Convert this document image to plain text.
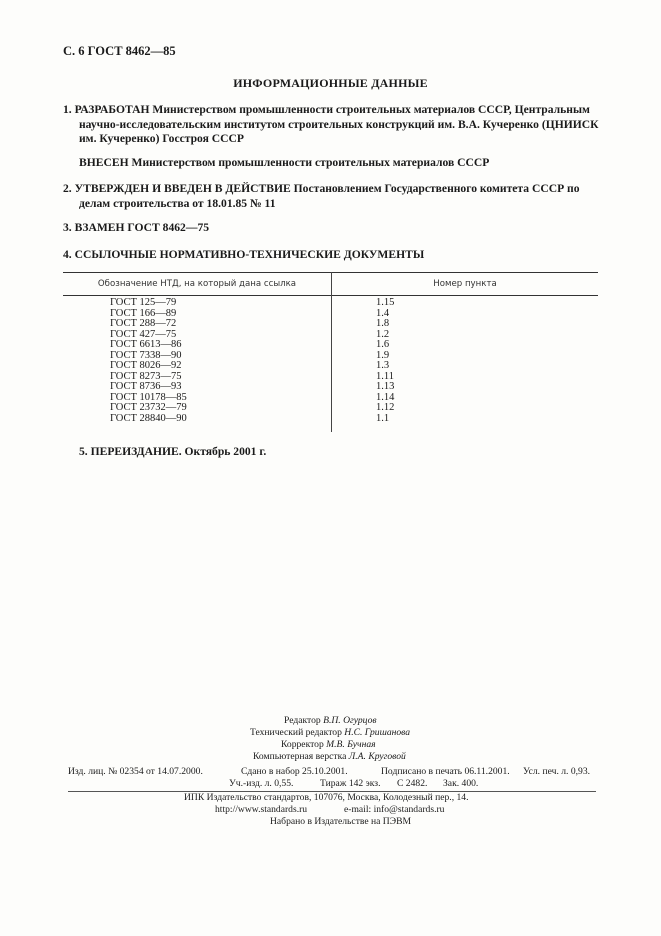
С. 6 ГОСТ 8462—85
ИНФОРМАЦИОННЫЕ ДАННЫЕ
1. РАЗРАБОТАН Министерством промышленности строительных материалов СССР, Центральным
научно-исследовательским институтом строительных конструкций им. В.А. Кучеренко (ЦНИИСК
им. Кучеренко) Госстроя СССР
ВНЕСЕН Министерством промышленности строительных материалов СССР
2. УТВЕРЖДЕН И ВВЕДЕН В ДЕЙСТВИЕ Постановлением Государственного комитета СССР по
делам строительства от 18.01.85 № 11
3. ВЗАМЕН ГОСТ 8462—75
4. ССЫЛОЧНЫЕ НОРМАТИВНО-ТЕХНИЧЕСКИЕ ДОКУМЕНТЫ
Обозначение НТД, на который дана ссылка	Номер пункта
ГОСТ 125—79	1.15
ГОСТ 166—89	1.4
ГОСТ 288—72	1.8
ГОСТ 427—75	1.2
ГОСТ 6613—86	1.6
ГОСТ 7338—90	1.9
ГОСТ 8026—92	1.3
ГОСТ 8273—75	1.11
ГОСТ 8736—93	1.13
ГОСТ 10178—85	1.14
ГОСТ 23732—79	1.12
ГОСТ 28840—90	1.1
5. ПЕРЕИЗДАНИЕ. Октябрь 2001 г.
Редактор В.П. Огурцов
Технический редактор Н.С. Гришанова
Корректор М.В. Бучная
Компьютерная верстка Л.А. Круговой
Изд. лиц. № 02354 от 14.07.2000.	Сдано в набор 25.10.2001.	Подписано в печать 06.11.2001. Усл. печ. л. 0,93.
Уч.-изд. л. 0,55.	Тираж 142 экз. С 2482. Зак. 400.
ИПК Издательство стандартов, 107076, Москва, Колодезный пер., 14.
http://www.standards.ru	e-mail: info@standards.ru
Набрано в Издательстве на ПЭВМ
